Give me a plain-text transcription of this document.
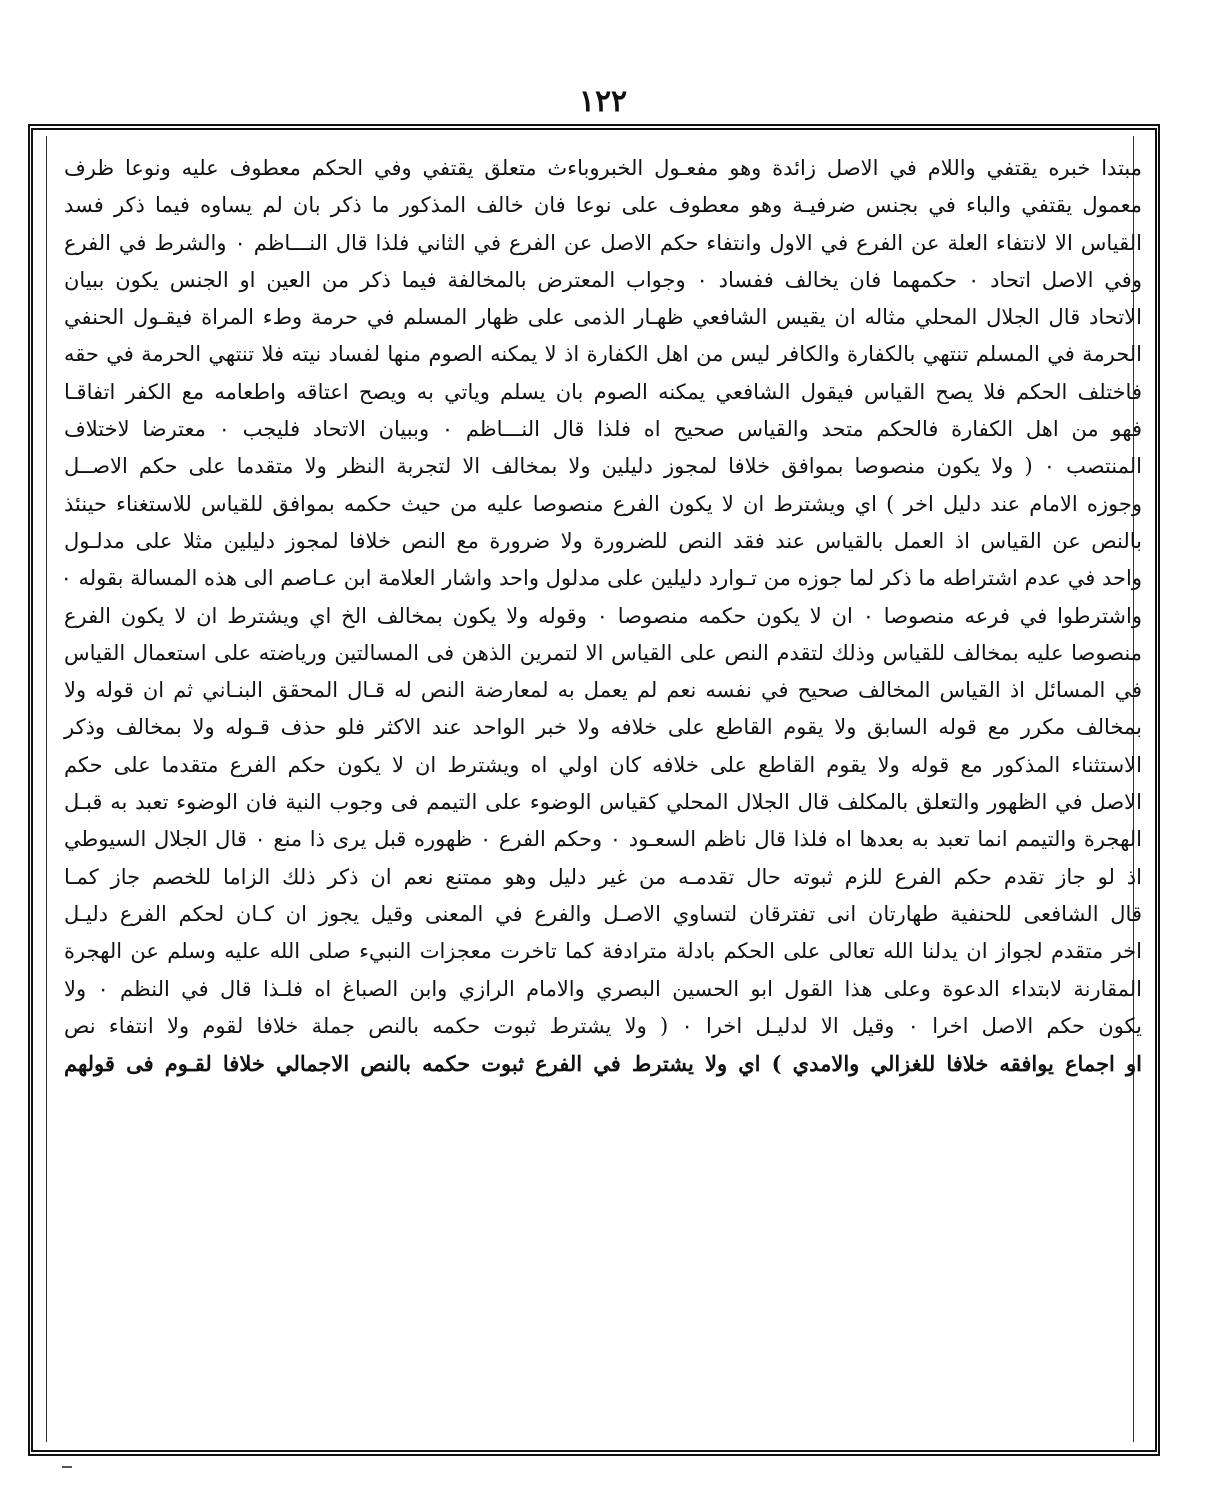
١٢٢
مبتدا خبره يقتفي واللام في الاصل زائدة وهو مفعـول الخبروباءث متعلق يقتفي وفي الحكم معطوف عليه ونوعا ظرف
معمول يقتفي والباء في بجنس ضرفيـة وهو معطوف على نوعا فان خالف المذكور ما ذكر بان لم يساوه فيما ذكر فسد
القياس الا لانتفاء العلة عن الفرع في الاول وانتفاء حكم الاصل عن الفرع في الثاني فلذا قال النـــاظم ٠ والشرط في الفرع
وفي الاصل اتحاد ٠ حكمهما فان يخالف ففساد ٠ وجواب المعترض بالمخالفة فيما ذكر من العين او الجنس يكون ببيان
الاتحاد قال الجلال المحلي مثاله ان يقيس الشافعي ظهـار الذمى على ظهار المسلم في حرمة وطء المراة فيقـول الحنفي
الحرمة في المسلم تنتهي بالكفارة والكافر ليس من اهل الكفارة اذ لا يمكنه الصوم منها لفساد نيته فلا تنتهي الحرمة في حقه
فاختلف الحكم فلا يصح القياس فيقول الشافعي يمكنه الصوم بان يسلم وياتي به ويصح اعتاقه واطعامه مع الكفر اتفاقـا
فهو من اهل الكفارة فالحكم متحد والقياس صحيح اه فلذا قال النـــاظم ٠ وببيان الاتحاد فليجب ٠ معترضا لاختلاف
المنتصب ٠ ( ولا يكون منصوصا بموافق خلافا لمجوز دليلين ولا بمخالف الا لتجربة النظر ولا متقدما على حكم الاصــل
وجوزه الامام عند دليل اخر ) اي ويشترط ان لا يكون الفرع منصوصا عليه من حيث حكمه بموافق للقياس للاستغناء حينئذ
بالنص عن القياس اذ العمل بالقياس عند فقد النص للضرورة ولا ضرورة مع النص خلافا لمجوز دليلين مثلا على مدلـول
واحد في عدم اشتراطه ما ذكر لما جوزه من تـوارد دليلين على مدلول واحد واشار العلامة ابن عـاصم الى هذه المسالة بقوله ٠
واشترطوا في فرعه منصوصا ٠ ان لا يكون حكمه منصوصا ٠ وقوله ولا يكون بمخالف الخ اي ويشترط ان لا يكون الفرع
منصوصا عليه بمخالف للقياس وذلك لتقدم النص على القياس الا لتمرين الذهن فى المسالتين ورياضته على استعمال القياس
في المسائل اذ القياس المخالف صحيح في نفسه نعم لم يعمل به لمعارضة النص له قـال المحقق البنـاني ثم ان قوله ولا
بمخالف مكرر مع قوله السابق ولا يقوم القاطع على خلافه ولا خبر الواحد عند الاكثر فلو حذف قـوله ولا بمخالف وذكر
الاستثناء المذكور مع قوله ولا يقوم القاطع على خلافه كان اولي اه ويشترط ان لا يكون حكم الفرع متقدما على حكم
الاصل في الظهور والتعلق بالمكلف قال الجلال المحلي كقياس الوضوء على التيمم فى وجوب النية فان الوضوء تعبد به قبـل
الهجرة والتيمم انما تعبد به بعدها اه فلذا قال ناظم السعـود ٠ وحكم الفرع ٠ ظهوره قبل يرى ذا منع ٠ قال الجلال السيوطي
اذ لو جاز تقدم حكم الفرع للزم ثبوته حال تقدمـه من غير دليل وهو ممتنع نعم ان ذكر ذلك الزاما للخصم جاز كمـا
قال الشافعى للحنفية طهارتان انى تفترقان لتساوي الاصـل والفرع في المعنى وقيل يجوز ان كـان لحكم الفرع دليـل
اخر متقدم لجواز ان يدلنا الله تعالى على الحكم بادلة مترادفة كما تاخرت معجزات النبيء صلى الله عليه وسلم عن الهجرة
المقارنة لابتداء الدعوة وعلى هذا القول ابو الحسين البصري والامام الرازي وابن الصباغ اه فلـذا قال في النظم ٠ ولا
يكون حكم الاصل اخرا ٠ وقيل الا لدليـل اخرا ٠ ( ولا يشترط ثبوت حكمه بالنص جملة خلافا لقوم ولا انتفاء نص
او اجماع يوافقه خلافا للغزالي والامدي ) اي ولا يشترط في الفرع ثبوت حكمه بالنص الاجمالي خلافا لقـوم فى قولهم
